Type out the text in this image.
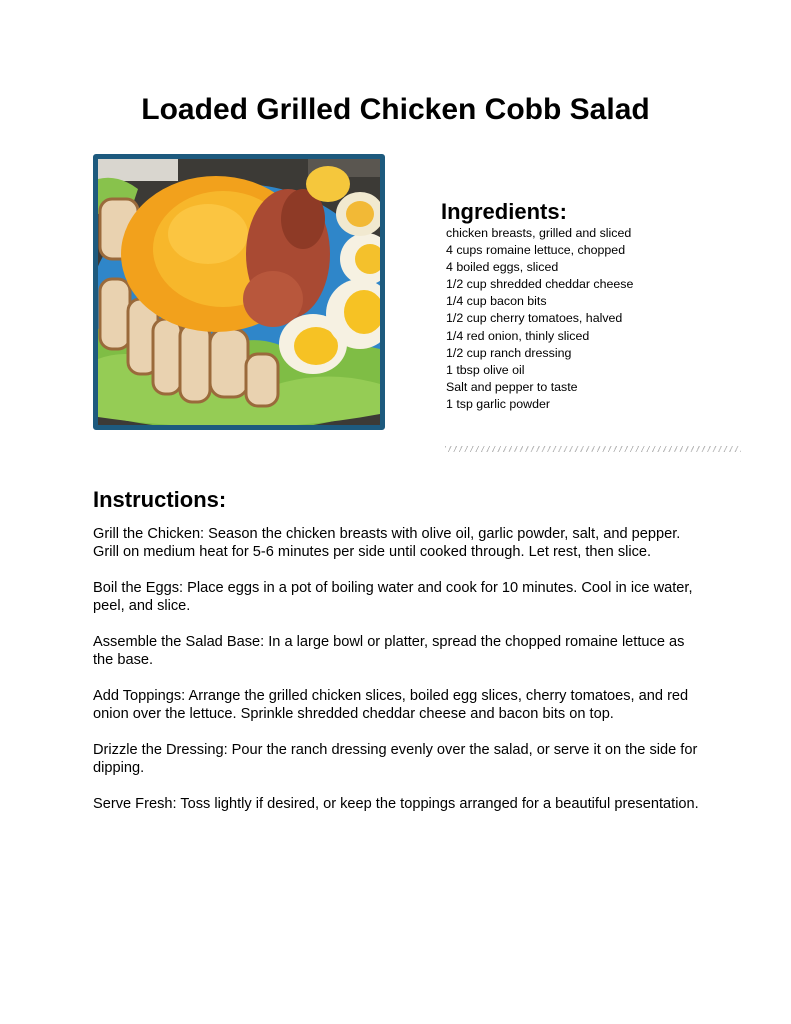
Loaded Grilled Chicken Cobb Salad
Ingredients:
chicken breasts, grilled and sliced
4 cups romaine lettuce, chopped
4 boiled eggs, sliced
1/2 cup shredded cheddar cheese
1/4 cup bacon bits
1/2 cup cherry tomatoes, halved
1/4 red onion, thinly sliced
1/2 cup ranch dressing
1 tbsp olive oil
Salt and pepper to taste
1 tsp garlic powder
Instructions:

Grill the Chicken: Season the chicken breasts with olive oil, garlic powder, salt, and pepper. Grill on medium heat for 5-6 minutes per side until cooked through. Let rest, then slice.

Boil the Eggs: Place eggs in a pot of boiling water and cook for 10 minutes. Cool in ice water, peel, and slice.

Assemble the Salad Base: In a large bowl or platter, spread the chopped romaine lettuce as the base.

Add Toppings: Arrange the grilled chicken slices, boiled egg slices, cherry tomatoes, and red onion over the lettuce. Sprinkle shredded cheddar cheese and bacon bits on top.

Drizzle the Dressing: Pour the ranch dressing evenly over the salad, or serve it on the side for dipping.

Serve Fresh: Toss lightly if desired, or keep the toppings arranged for a beautiful presentation.
